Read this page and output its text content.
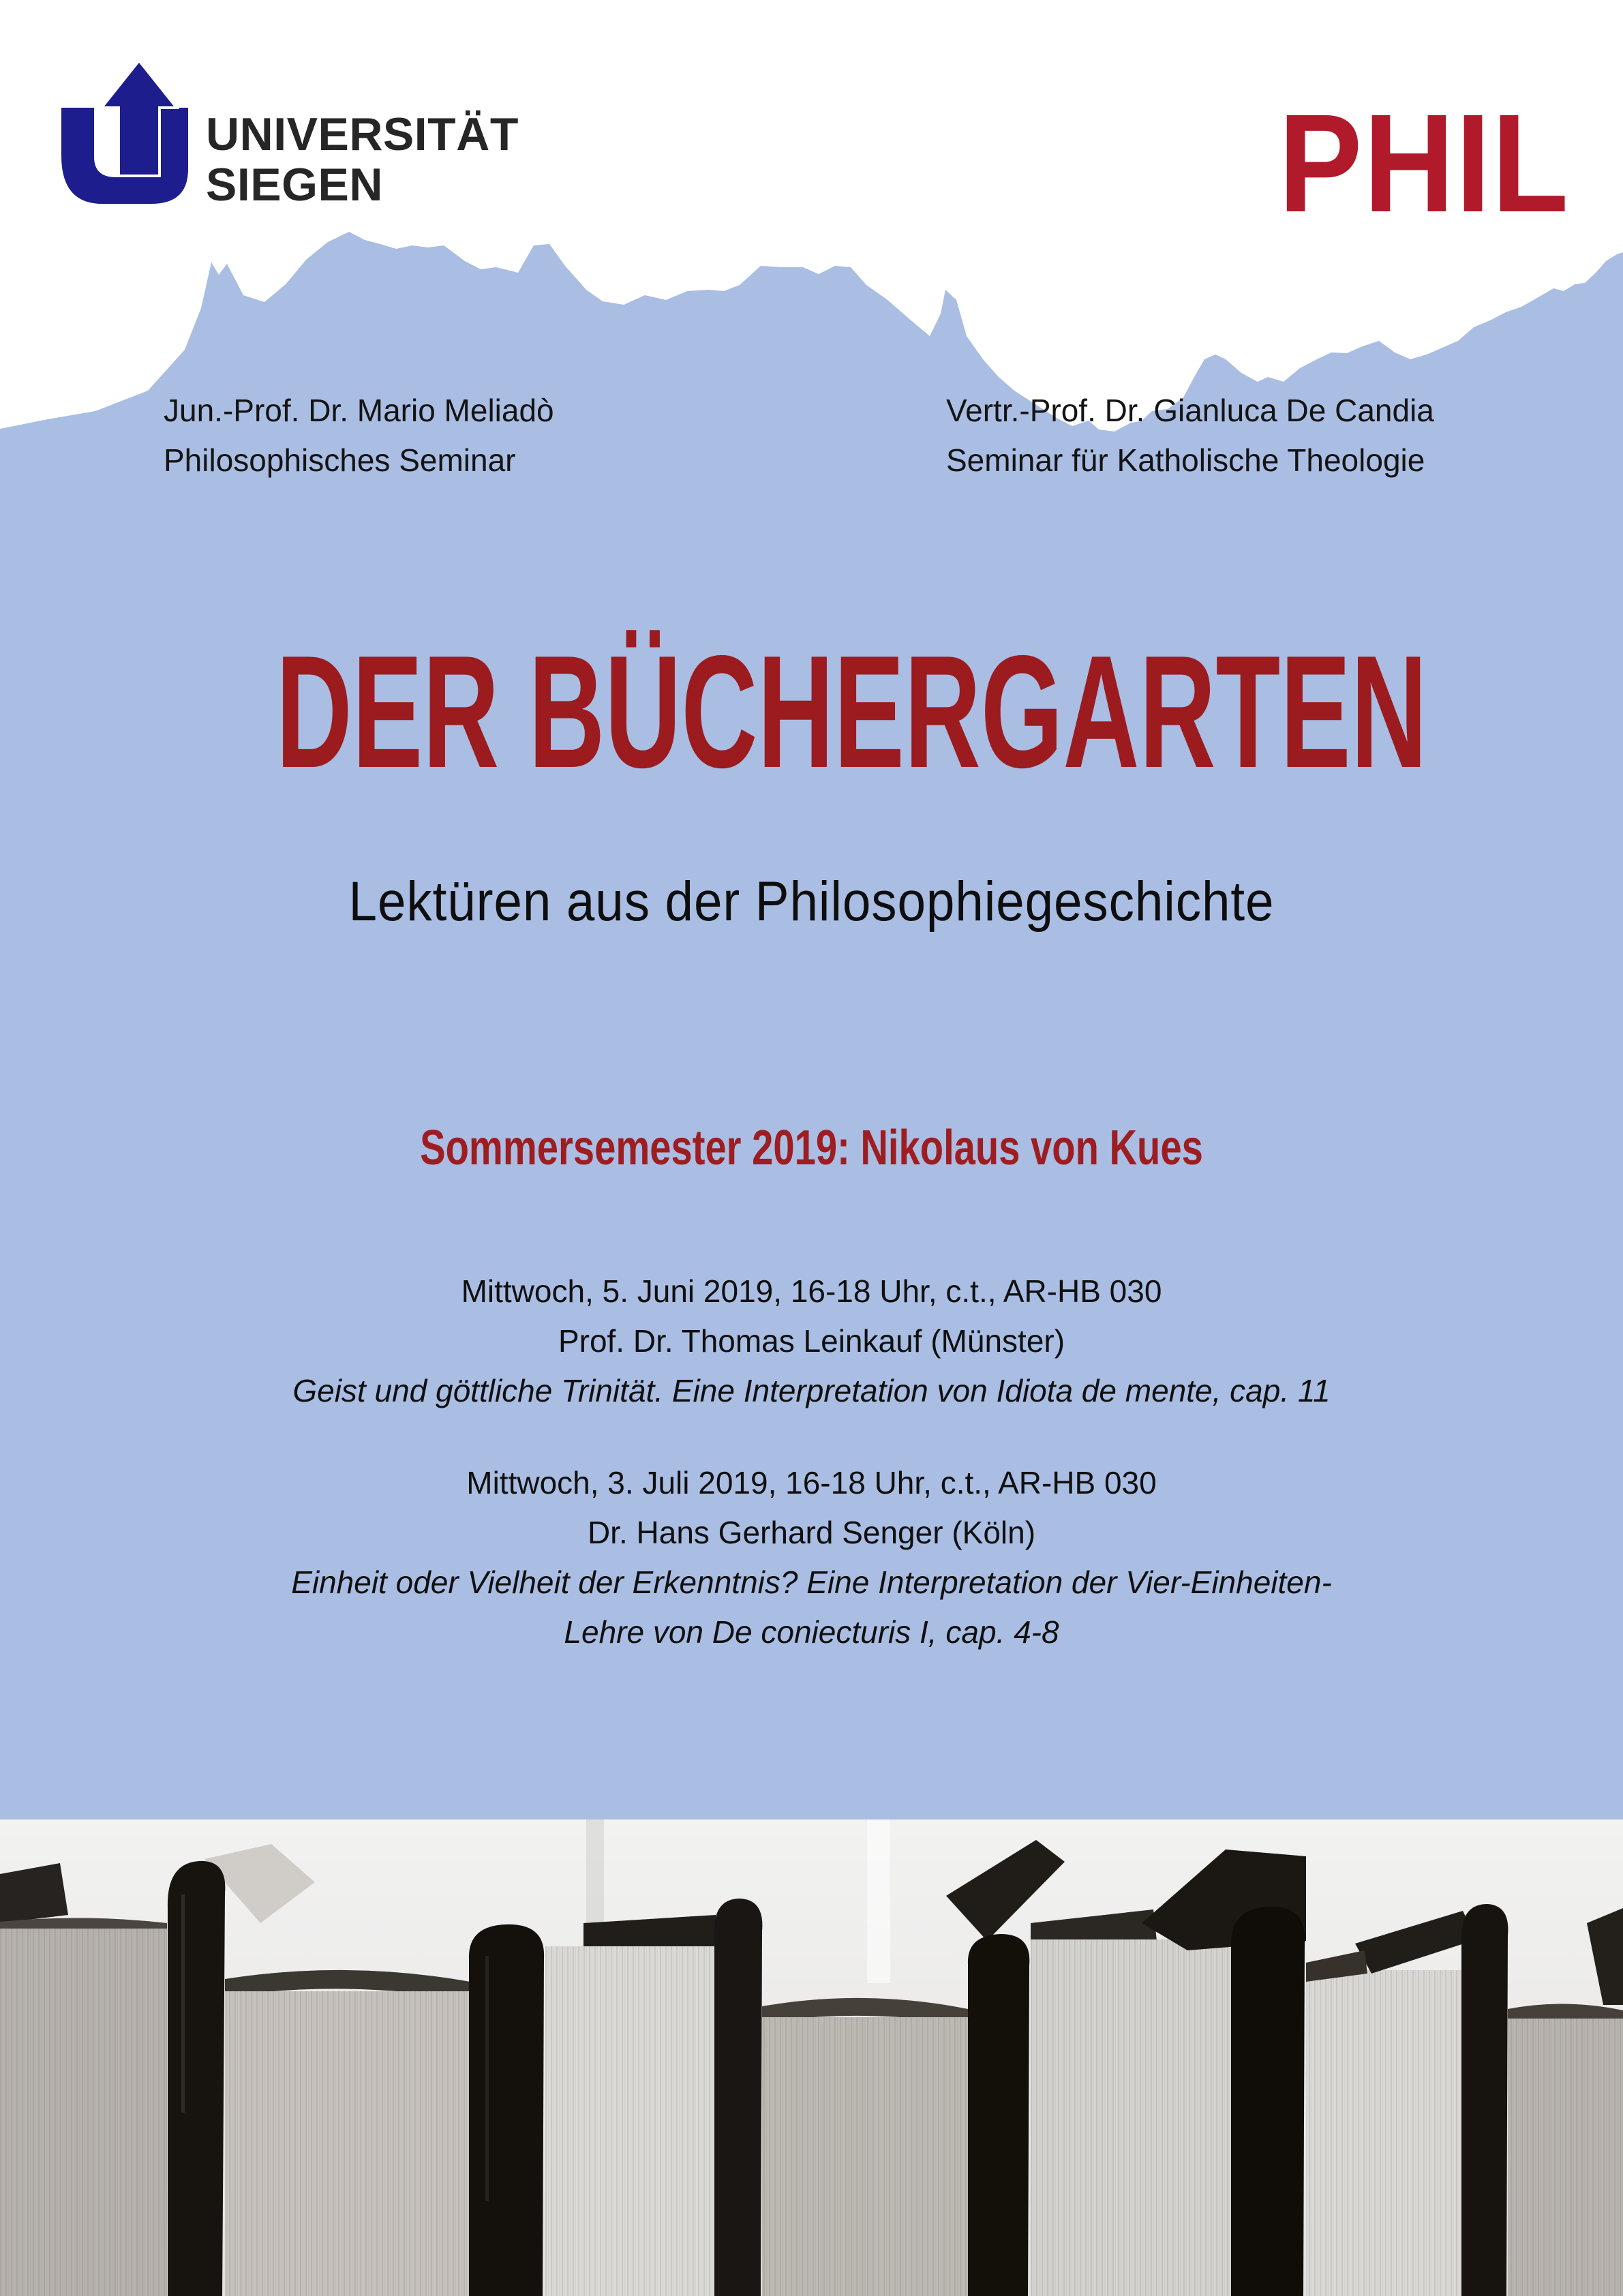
UNIVERSITÄT
SIEGEN	PHIL
Jun.-Prof. Dr. Mario Meliadò
Philosophisches Seminar
Vertr.-Prof. Dr. Gianluca De Candia
Seminar für Katholische Theologie
DER BÜCHERGARTEN
Lektüren aus der Philosophiegeschichte
Sommersemester 2019: Nikolaus von Kues
Mittwoch, 5. Juni 2019, 16-18 Uhr, c.t., AR-HB 030
Prof. Dr. Thomas Leinkauf (Münster)
Geist und göttliche Trinität. Eine Interpretation von Idiota de mente, cap. 11
Mittwoch, 3. Juli 2019, 16-18 Uhr, c.t., AR-HB 030
Dr. Hans Gerhard Senger (Köln)
Einheit oder Vielheit der Erkenntnis? Eine Interpretation der Vier-Einheiten-
Lehre von De coniecturis I, cap. 4-8
